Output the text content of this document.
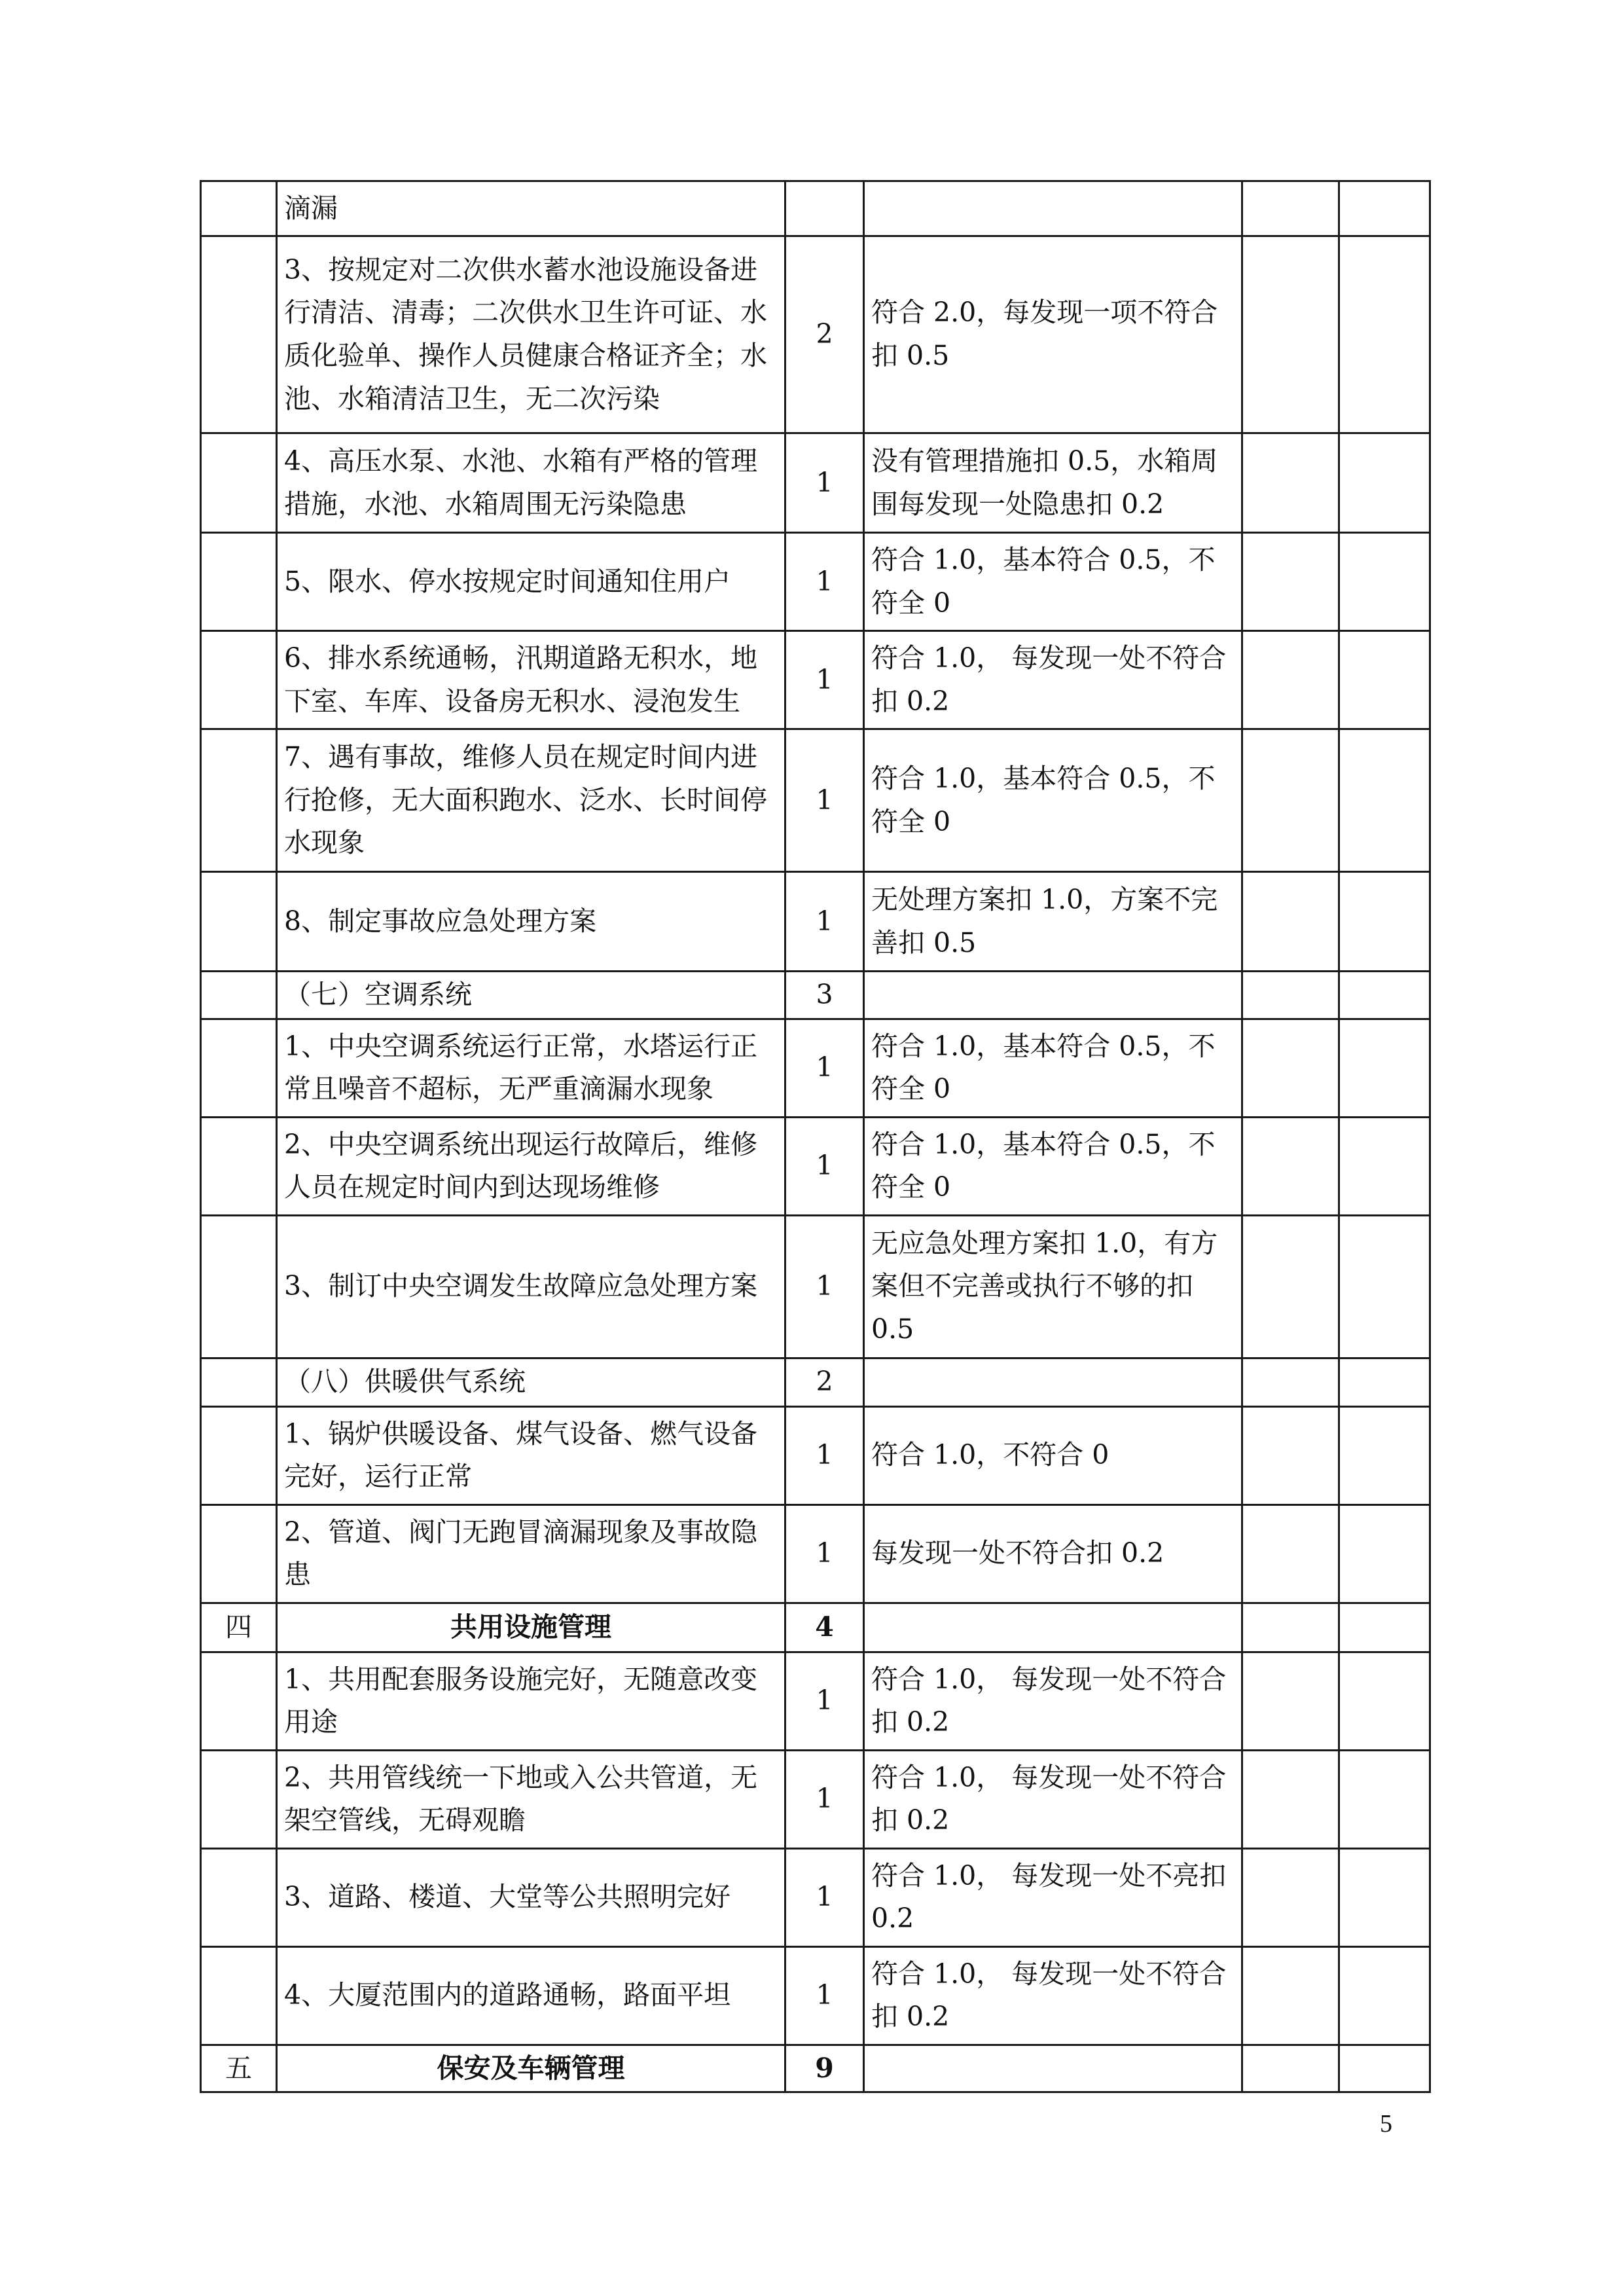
	滴漏				
	3、按规定对二次供水蓄水池设施设备进行清洁、清毒；二次供水卫生许可证、水质化验单、操作人员健康合格证齐全；水池、水箱清洁卫生，无二次污染	2	符合 2.0，每发现一项不符合扣 0.5		
	4、高压水泵、水池、水箱有严格的管理措施，水池、水箱周围无污染隐患	1	没有管理措施扣 0.5，水箱周围每发现一处隐患扣 0.2		
	5、限水、停水按规定时间通知住用户	1	符合 1.0，基本符合 0.5，不符全 0		
	6、排水系统通畅，汛期道路无积水，地下室、车库、设备房无积水、浸泡发生	1	符合 1.0， 每发现一处不符合扣 0.2		
	7、遇有事故，维修人员在规定时间内进行抢修，无大面积跑水、泛水、长时间停水现象	1	符合 1.0，基本符合 0.5，不符全 0		
	8、制定事故应急处理方案	1	无处理方案扣 1.0，方案不完善扣 0.5		
	（七）空调系统	3			
	1、中央空调系统运行正常，水塔运行正常且噪音不超标，无严重滴漏水现象	1	符合 1.0，基本符合 0.5，不符全 0		
	2、中央空调系统出现运行故障后，维修人员在规定时间内到达现场维修	1	符合 1.0，基本符合 0.5，不符全 0		
	3、制订中央空调发生故障应急处理方案	1	无应急处理方案扣 1.0，有方案但不完善或执行不够的扣 0.5		
	（八）供暖供气系统	2			
	1、锅炉供暖设备、煤气设备、燃气设备完好，运行正常	1	符合 1.0，不符合 0		
	2、管道、阀门无跑冒滴漏现象及事故隐患	1	每发现一处不符合扣 0.2		
四	共用设施管理	4			
	1、共用配套服务设施完好，无随意改变用途	1	符合 1.0， 每发现一处不符合扣 0.2		
	2、共用管线统一下地或入公共管道，无架空管线，无碍观瞻	1	符合 1.0， 每发现一处不符合扣 0.2		
	3、道路、楼道、大堂等公共照明完好	1	符合 1.0， 每发现一处不亮扣 0.2		
	4、大厦范围内的道路通畅，路面平坦	1	符合 1.0， 每发现一处不符合扣 0.2		
五	保安及车辆管理	9			
5
